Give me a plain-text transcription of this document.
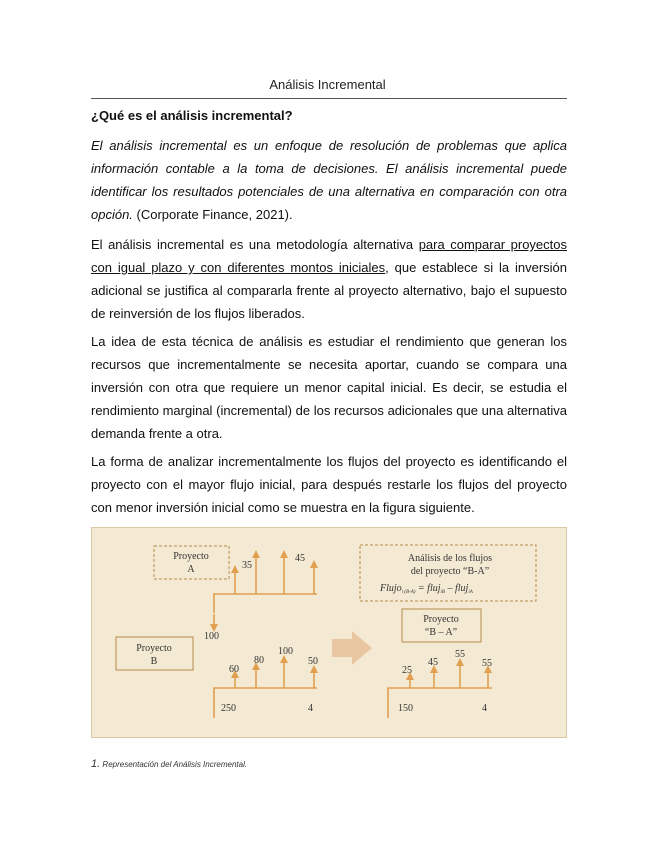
Análisis Incremental
¿Qué es el análisis incremental?

El análisis incremental es un enfoque de resolución de problemas que aplica información contable a la toma de decisiones. El análisis incremental puede identificar los resultados potenciales de una alternativa en comparación con otra opción. (Corporate Finance, 2021).

El análisis incremental es una metodología alternativa para comparar proyectos con igual plazo y con diferentes montos iniciales, que establece si la inversión adicional se justifica al compararla frente al proyecto alternativo, bajo el supuesto de reinversión de los flujos liberados.

La idea de esta técnica de análisis es estudiar el rendimiento que generan los recursos que incrementalmente se necesita aportar, cuando se compara una inversión con otra que requiere un menor capital inicial. Es decir, se estudia el rendimiento marginal (incremental) de los recursos adicionales que una alternativa demanda frente a otra.

La forma de analizar incrementalmente los flujos del proyecto es identificando el proyecto con el mayor flujo inicial, para después restarle los flujos del proyecto con menor inversión inicial como se muestra en la figura siguiente.

Proyecto
A	35
45
100
Proyecto
B
60
80
100
50
250	4
Análisis de los flujos
del proyecto “B-A”
Flujo$_{i (B-A)}$ = fluj$_{iB}$ – fluj$_{iA}$
Proyecto
“B – A”
25
45
55
55
150	4
1. Representación del Análisis Incremental.
